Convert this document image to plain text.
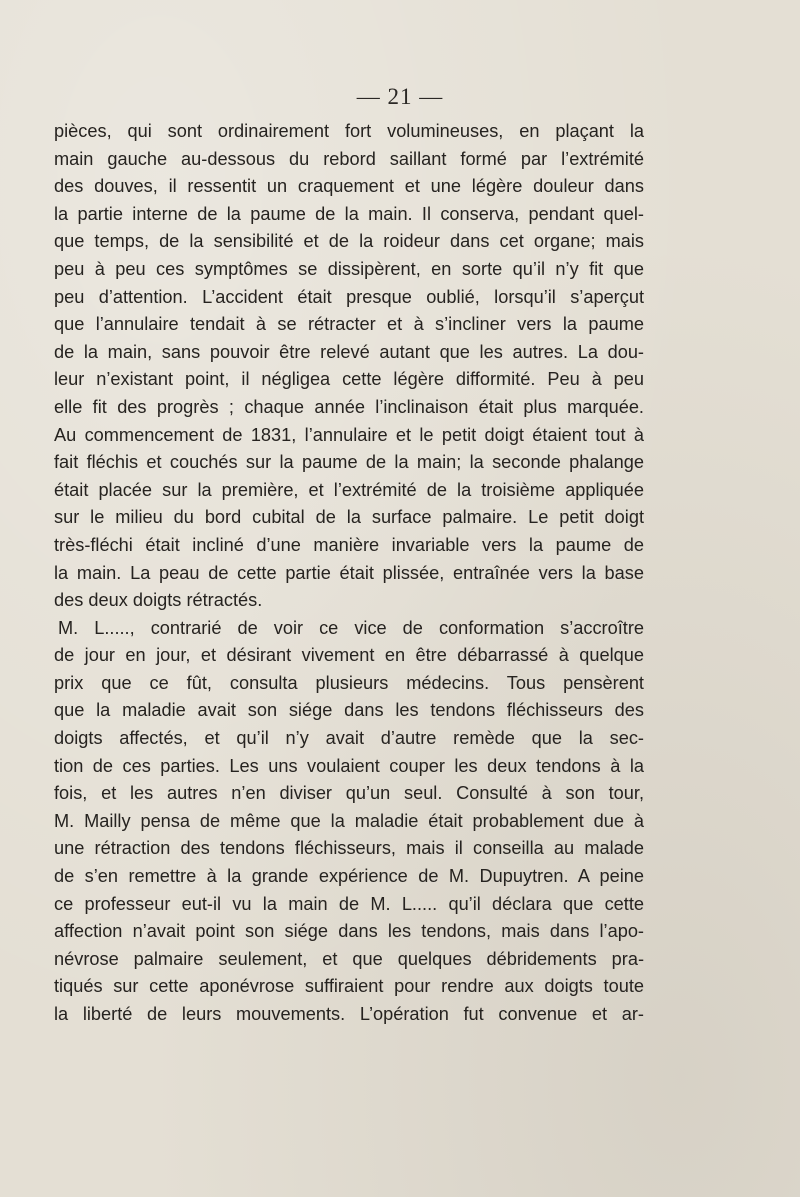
— 21 —
pièces, qui sont ordinairement fort volumineuses, en plaçant la
main gauche au-dessous du rebord saillant formé par l’extrémité
des douves, il ressentit un craquement et une légère douleur dans
la partie interne de la paume de la main. Il conserva, pendant quel-
que temps, de la sensibilité et de la roideur dans cet organe; mais
peu à peu ces symptômes se dissipèrent, en sorte qu’il n’y fit que
peu d’attention. L’accident était presque oublié, lorsqu’il s’aperçut
que l’annulaire tendait à se rétracter et à s’incliner vers la paume
de la main, sans pouvoir être relevé autant que les autres. La dou-
leur n’existant point, il négligea cette légère difformité. Peu à peu
elle fit des progrès ; chaque année l’inclinaison était plus marquée.
Au commencement de 1831, l’annulaire et le petit doigt étaient tout à
fait fléchis et couchés sur la paume de la main; la seconde phalange
était placée sur la première, et l’extrémité de la troisième appliquée
sur le milieu du bord cubital de la surface palmaire. Le petit doigt
très-fléchi était incliné d’une manière invariable vers la paume de
la main. La peau de cette partie était plissée, entraînée vers la base
des deux doigts rétractés.
M. L....., contrarié de voir ce vice de conformation s’accroître
de jour en jour, et désirant vivement en être débarrassé à quelque
prix que ce fût, consulta plusieurs médecins. Tous pensèrent
que la maladie avait son siége dans les tendons fléchisseurs des
doigts affectés, et qu’il n’y avait d’autre remède que la sec-
tion de ces parties. Les uns voulaient couper les deux tendons à la
fois, et les autres n’en diviser qu’un seul. Consulté à son tour,
M. Mailly pensa de même que la maladie était probablement due à
une rétraction des tendons fléchisseurs, mais il conseilla au malade
de s’en remettre à la grande expérience de M. Dupuytren. A peine
ce professeur eut-il vu la main de M. L..... qu’il déclara que cette
affection n’avait point son siége dans les tendons, mais dans l’apo-
névrose palmaire seulement, et que quelques débridements pra-
tiqués sur cette aponévrose suffiraient pour rendre aux doigts toute
la liberté de leurs mouvements. L’opération fut convenue et ar-
